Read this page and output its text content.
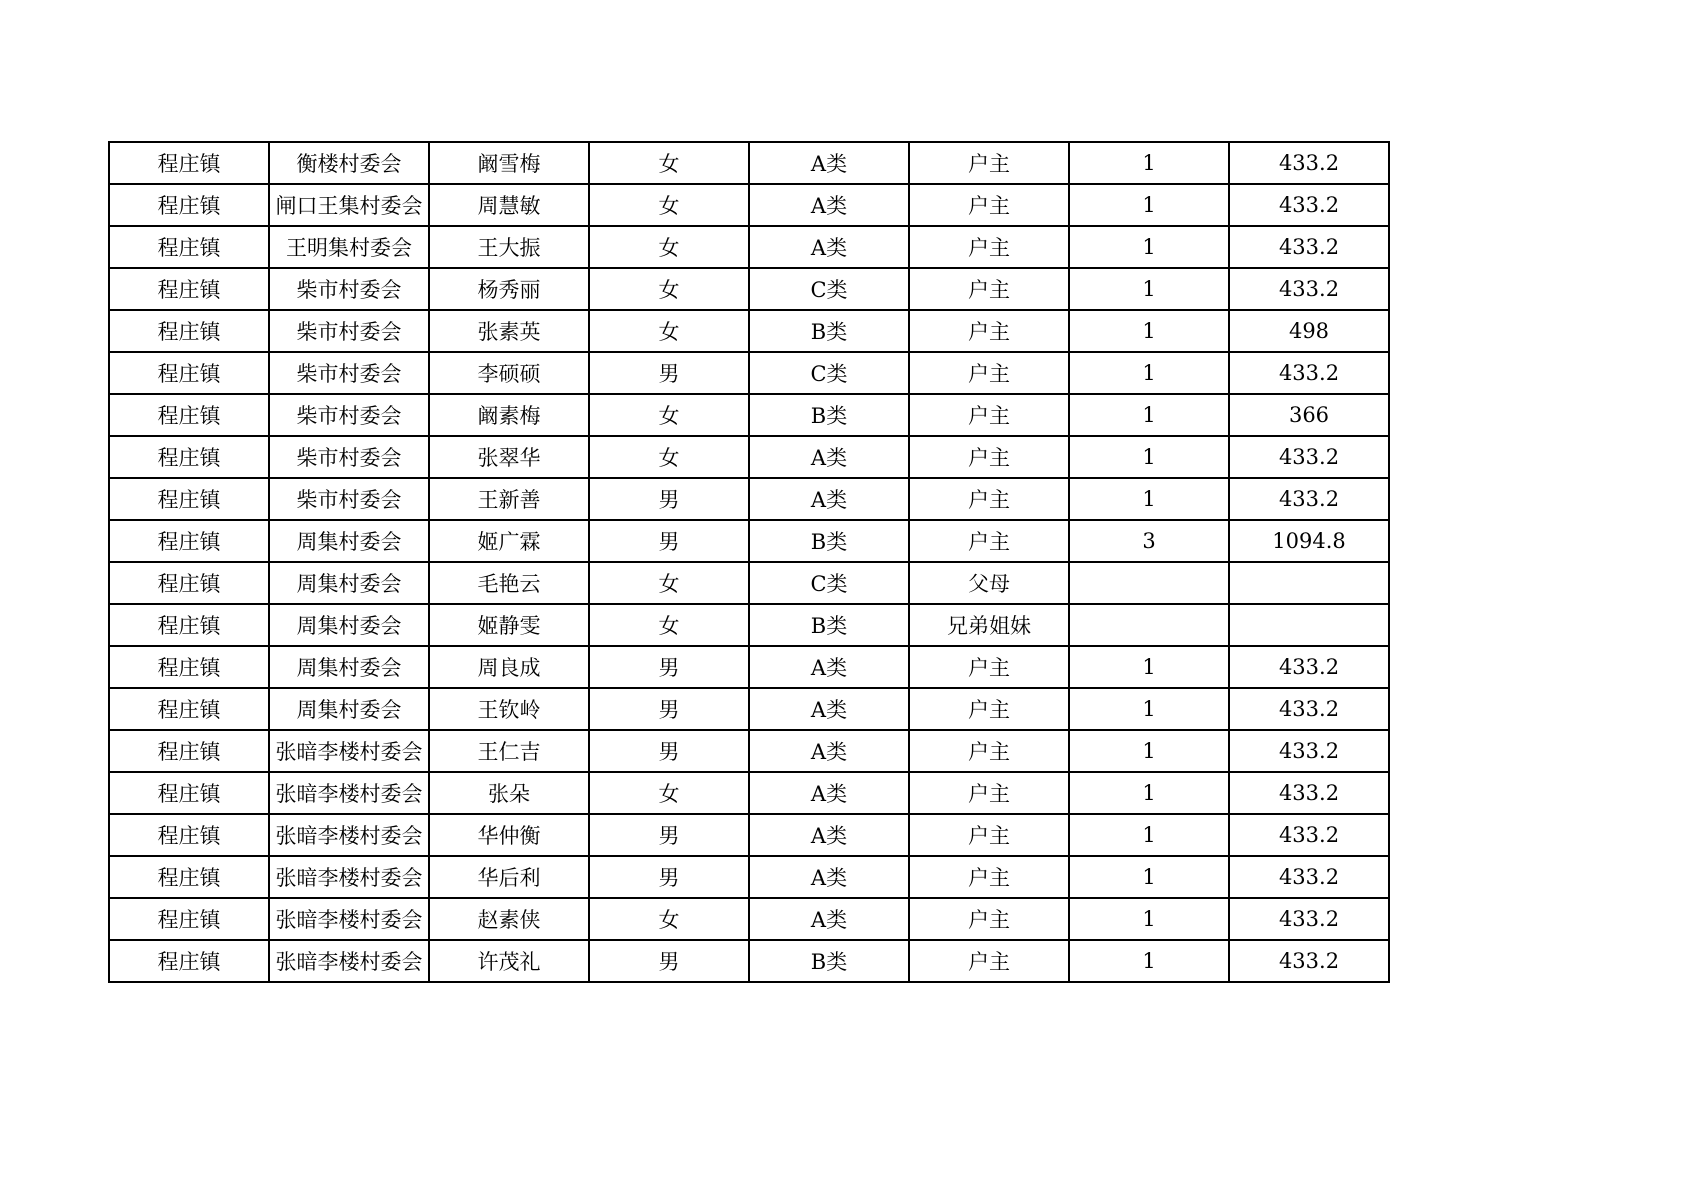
程庄镇	衡楼村委会	阚雪梅	女	A类	户主	1	433.2
程庄镇	闸口王集村委会	周慧敏	女	A类	户主	1	433.2
程庄镇	王明集村委会	王大振	女	A类	户主	1	433.2
程庄镇	柴市村委会	杨秀丽	女	C类	户主	1	433.2
程庄镇	柴市村委会	张素英	女	B类	户主	1	498
程庄镇	柴市村委会	李硕硕	男	C类	户主	1	433.2
程庄镇	柴市村委会	阚素梅	女	B类	户主	1	366
程庄镇	柴市村委会	张翠华	女	A类	户主	1	433.2
程庄镇	柴市村委会	王新善	男	A类	户主	1	433.2
程庄镇	周集村委会	姬广霖	男	B类	户主	3	1094.8
程庄镇	周集村委会	毛艳云	女	C类	父母		
程庄镇	周集村委会	姬静雯	女	B类	兄弟姐妹		
程庄镇	周集村委会	周良成	男	A类	户主	1	433.2
程庄镇	周集村委会	王钦岭	男	A类	户主	1	433.2
程庄镇	张暗李楼村委会	王仁吉	男	A类	户主	1	433.2
程庄镇	张暗李楼村委会	张朵	女	A类	户主	1	433.2
程庄镇	张暗李楼村委会	华仲衡	男	A类	户主	1	433.2
程庄镇	张暗李楼村委会	华后利	男	A类	户主	1	433.2
程庄镇	张暗李楼村委会	赵素侠	女	A类	户主	1	433.2
程庄镇	张暗李楼村委会	许茂礼	男	B类	户主	1	433.2
